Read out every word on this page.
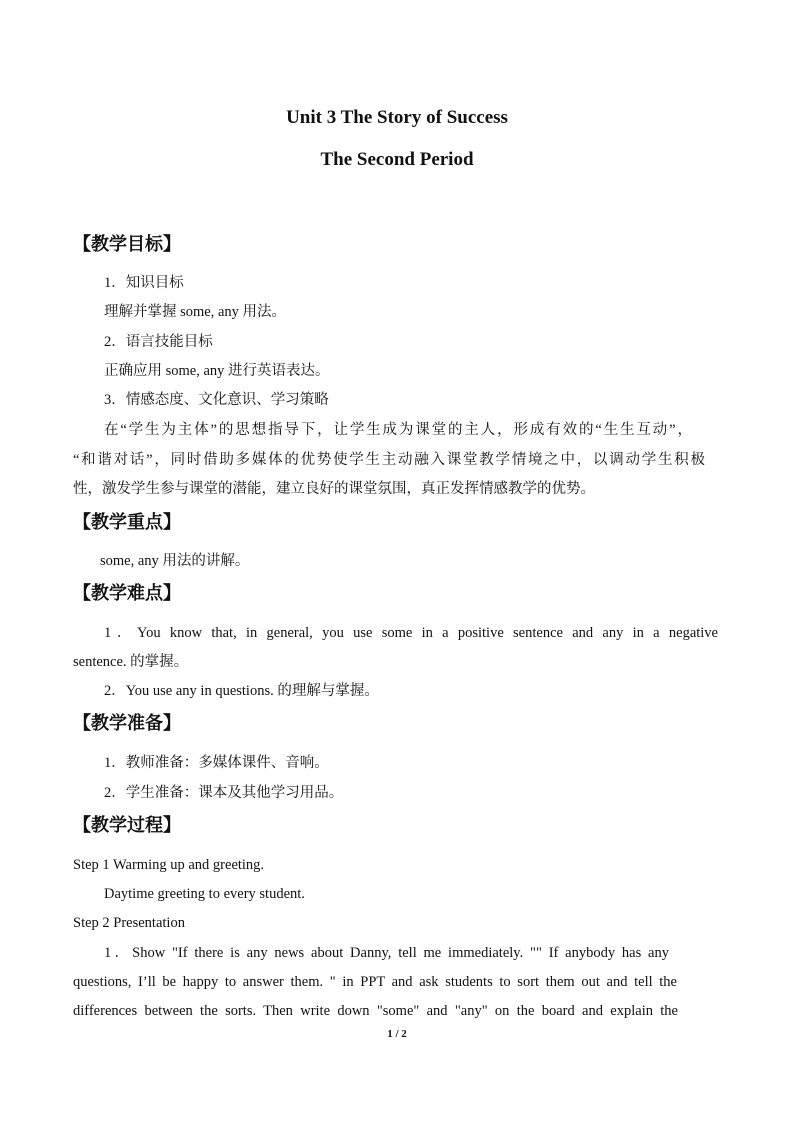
Unit 3 The Story of Success
The Second Period
【教学目标】
1．知识目标
理解并掌握 some, any 用法。
2．语言技能目标
正确应用 some, any 进行英语表达。
3．情感态度、文化意识、学习策略
在“学生为主体”的思想指导下，让学生成为课堂的主人，形成有效的“生生互动”，
“和谐对话”，同时借助多媒体的优势使学生主动融入课堂教学情境之中，以调动学生积极
性，激发学生参与课堂的潜能，建立良好的课堂氛围，真正发挥情感教学的优势。
【教学重点】
some, any 用法的讲解。
【教学难点】
1．You know that, in general, you use some in a positive sentence and any in a negative
sentence. 的掌握。
2．You use any in questions. 的理解与掌握。
【教学准备】
1．教师准备：多媒体课件、音响。
2．学生准备：课本及其他学习用品。
【教学过程】
Step 1 Warming up and greeting.
Daytime greeting to every student.
Step 2 Presentation
1．Show "If there is any news about Danny, tell me immediately. "" If anybody has any
questions, I’ll be happy to answer them. " in PPT and ask students to sort them out and tell the
differences between the sorts. Then write down "some" and "any" on the board and explain the
1 / 2
